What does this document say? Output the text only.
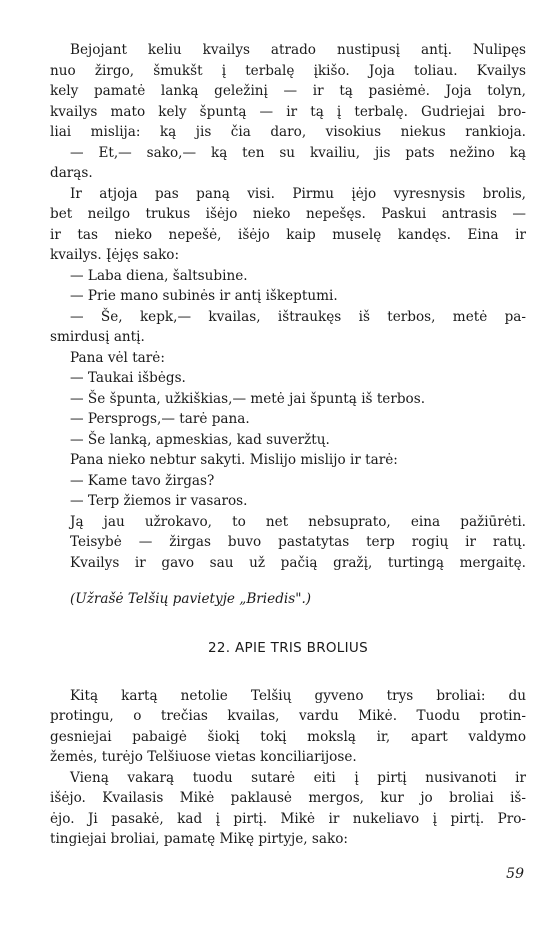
Bejojant keliu kvailys atrado nustipusį antį. Nulipęs
nuo žirgo, šmukšt į terbalę įkišo. Joja toliau. Kvailys
kely pamatė lanką geležinį — ir tą pasiėmė. Joja tolyn,
kvailys mato kely špuntą — ir tą į terbalę. Gudriejai bro-
liai mislija: ką jis čia daro, visokius niekus rankioja.
— Et,— sako,— ką ten su kvailiu, jis pats nežino ką
darąs.
Ir atjoja pas paną visi. Pirmu įėjo vyresnysis brolis,
bet neilgo trukus išėjo nieko nepešęs. Paskui antrasis —
ir tas nieko nepešė, išėjo kaip muselę kandęs. Eina ir
kvailys. Įėjęs sako:
— Laba diena, šaltsubine.
— Prie mano subinės ir antį iškeptumi.
— Še, kepk,— kvailas, ištraukęs iš terbos, metė pa-
smirdusį antį.
Pana vėl tarė:
— Taukai išbėgs.
— Še špunta, užkiškias,— metė jai špuntą iš terbos.
— Persprogs,— tarė pana.
— Še lanką, apmeskias, kad suveržtų.
Pana nieko nebtur sakyti. Mislijo mislijo ir tarė:
— Kame tavo žirgas?
— Terp žiemos ir vasaros.
Ją jau užrokavo, to net nebsuprato, eina pažiūrėti.
Teisybė — žirgas buvo pastatytas terp rogių ir ratų.
Kvailys ir gavo sau už pačią gražį, turtingą mergaitę.
(Užrašė Telšių pavietyje „Briedis".)
22. APIE TRIS BROLIUS
Kitą kartą netolie Telšių gyveno trys broliai: du
protingu, o trečias kvailas, vardu Mikė. Tuodu protin-
gesniejai pabaigė šiokį tokį mokslą ir, apart valdymo
žemės, turėjo Telšiuose vietas konciliarijose.
Vieną vakarą tuodu sutarė eiti į pirtį nusivanoti ir
išėjo. Kvailasis Mikė paklausė mergos, kur jo broliai iš-
ėjo. Ji pasakė, kad į pirtį. Mikė ir nukeliavo į pirtį. Pro-
tingiejai broliai, pamatę Mikę pirtyje, sako:
59
